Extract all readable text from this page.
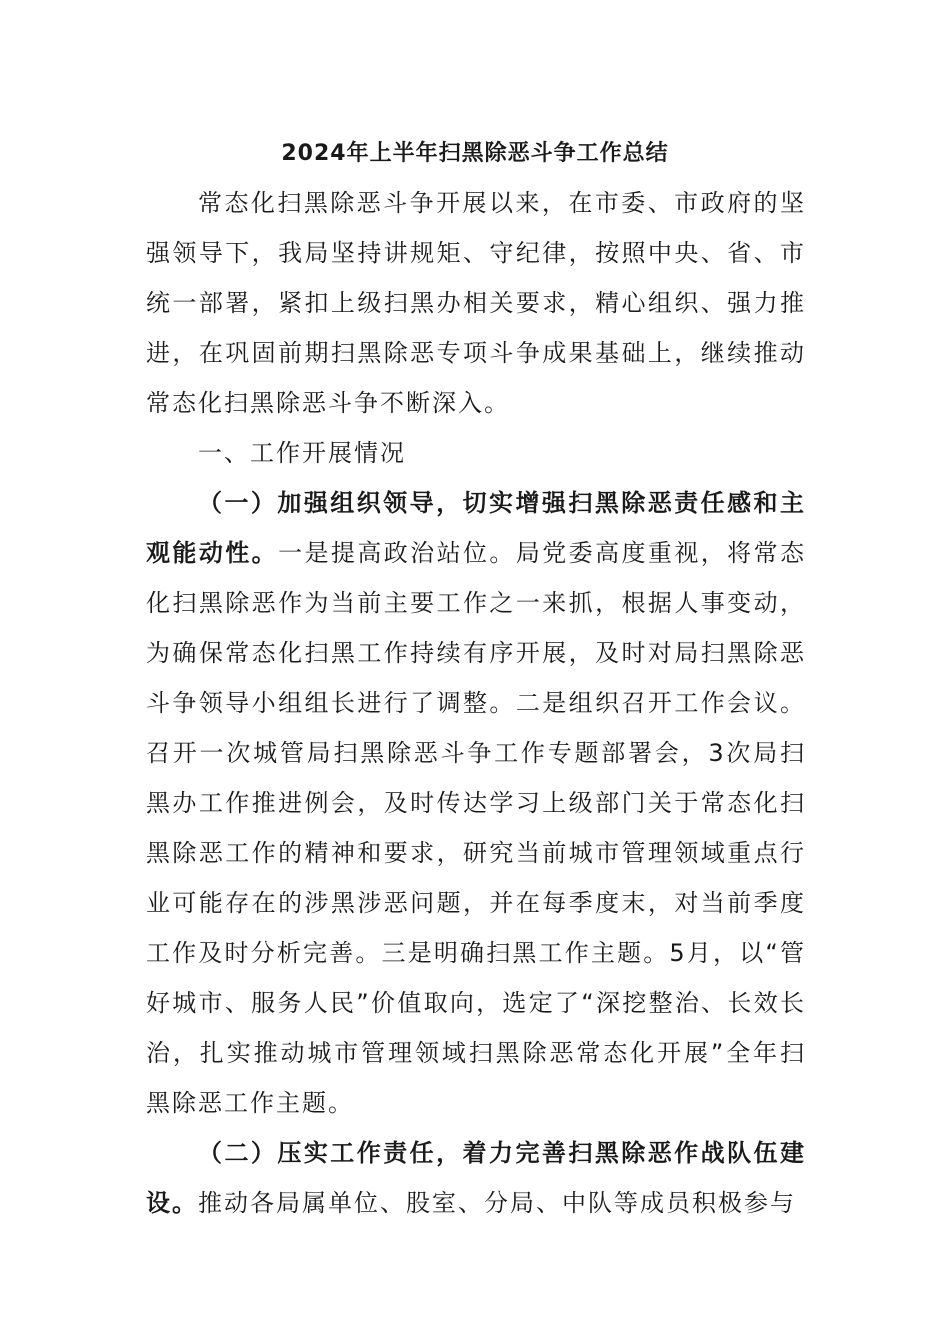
2024年上半年扫黑除恶斗争工作总结

常态化扫黑除恶斗争开展以来，在市委、市政府的坚强领导下，我局坚持讲规矩、守纪律，按照中央、省、市统一部署，紧扣上级扫黑办相关要求，精心组织、强力推进，在巩固前期扫黑除恶专项斗争成果基础上，继续推动常态化扫黑除恶斗争不断深入。

一、工作开展情况

（一）加强组织领导，切实增强扫黑除恶责任感和主观能动性。一是提高政治站位。局党委高度重视，将常态化扫黑除恶作为当前主要工作之一来抓，根据人事变动，为确保常态化扫黑工作持续有序开展，及时对局扫黑除恶斗争领导小组组长进行了调整。二是组织召开工作会议。召开一次城管局扫黑除恶斗争工作专题部署会，3次局扫黑办工作推进例会，及时传达学习上级部门关于常态化扫黑除恶工作的精神和要求，研究当前城市管理领域重点行业可能存在的涉黑涉恶问题，并在每季度末，对当前季度工作及时分析完善。三是明确扫黑工作主题。5月，以“管好城市、服务人民”价值取向，选定了“深挖整治、长效长治，扎实推动城市管理领域扫黑除恶常态化开展”全年扫黑除恶工作主题。

（二）压实工作责任，着力完善扫黑除恶作战队伍建设。推动各局属单位、股室、分局、中队等成员积极参与
